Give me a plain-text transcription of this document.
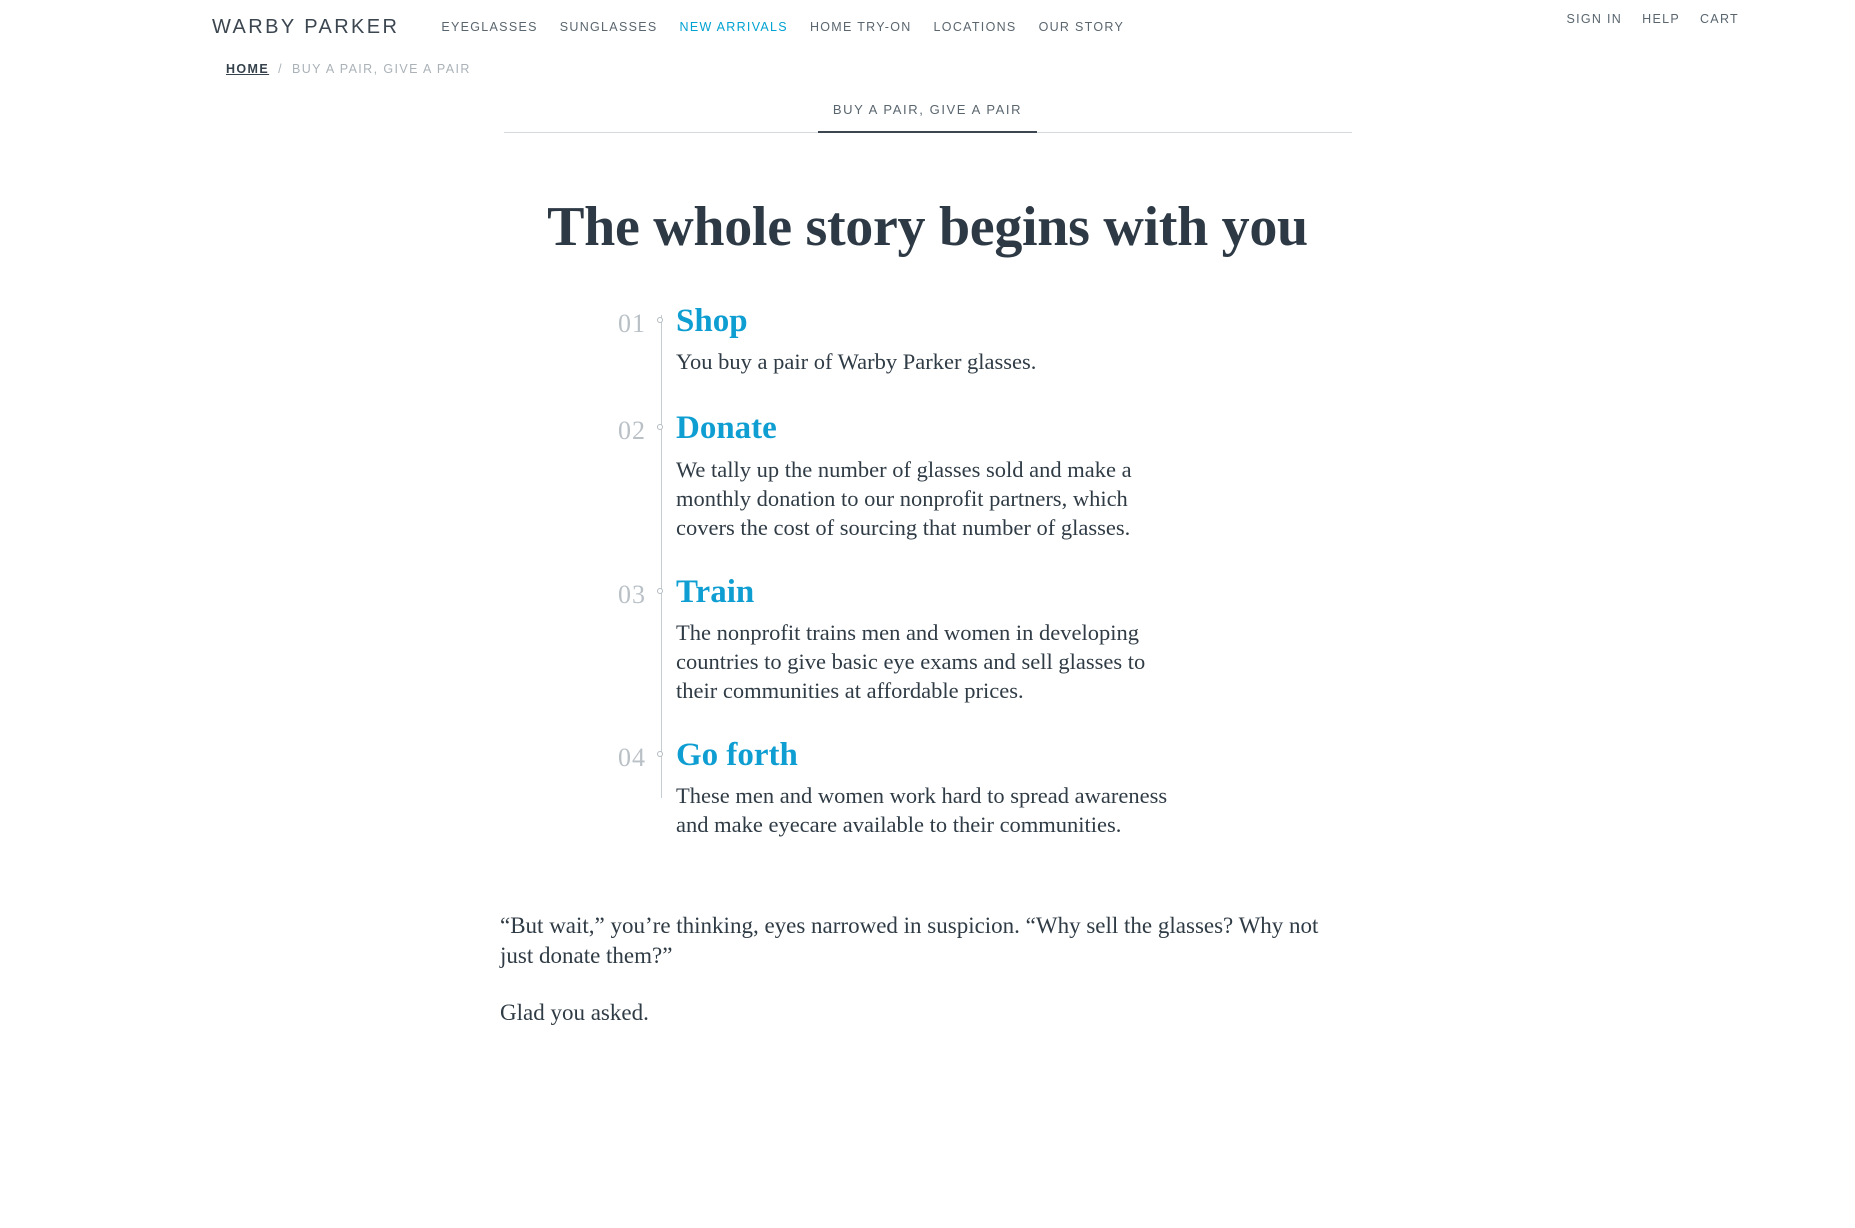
WARBY PARKER	EYEGLASSES SUNGLASSES NEW ARRIVALS HOME TRY-ON LOCATIONS OUR STORY
SIGN IN HELP CART
HOME / BUY A PAIR, GIVE A PAIR
BUY A PAIR, GIVE A PAIR
The whole story begins with you
01 Shop

You buy a pair of Warby Parker glasses.

02 Donate

We tally up the number of glasses sold and make a monthly donation to our nonprofit partners, which covers the cost of sourcing that number of glasses.

03 Train

The nonprofit trains men and women in developing countries to give basic eye exams and sell glasses to their communities at affordable prices.

04 Go forth

These men and women work hard to spread awareness and make eyecare available to their communities.

“But wait,” you’re thinking, eyes narrowed in suspicion. “Why sell the glasses? Why not just donate them?”

Glad you asked.
